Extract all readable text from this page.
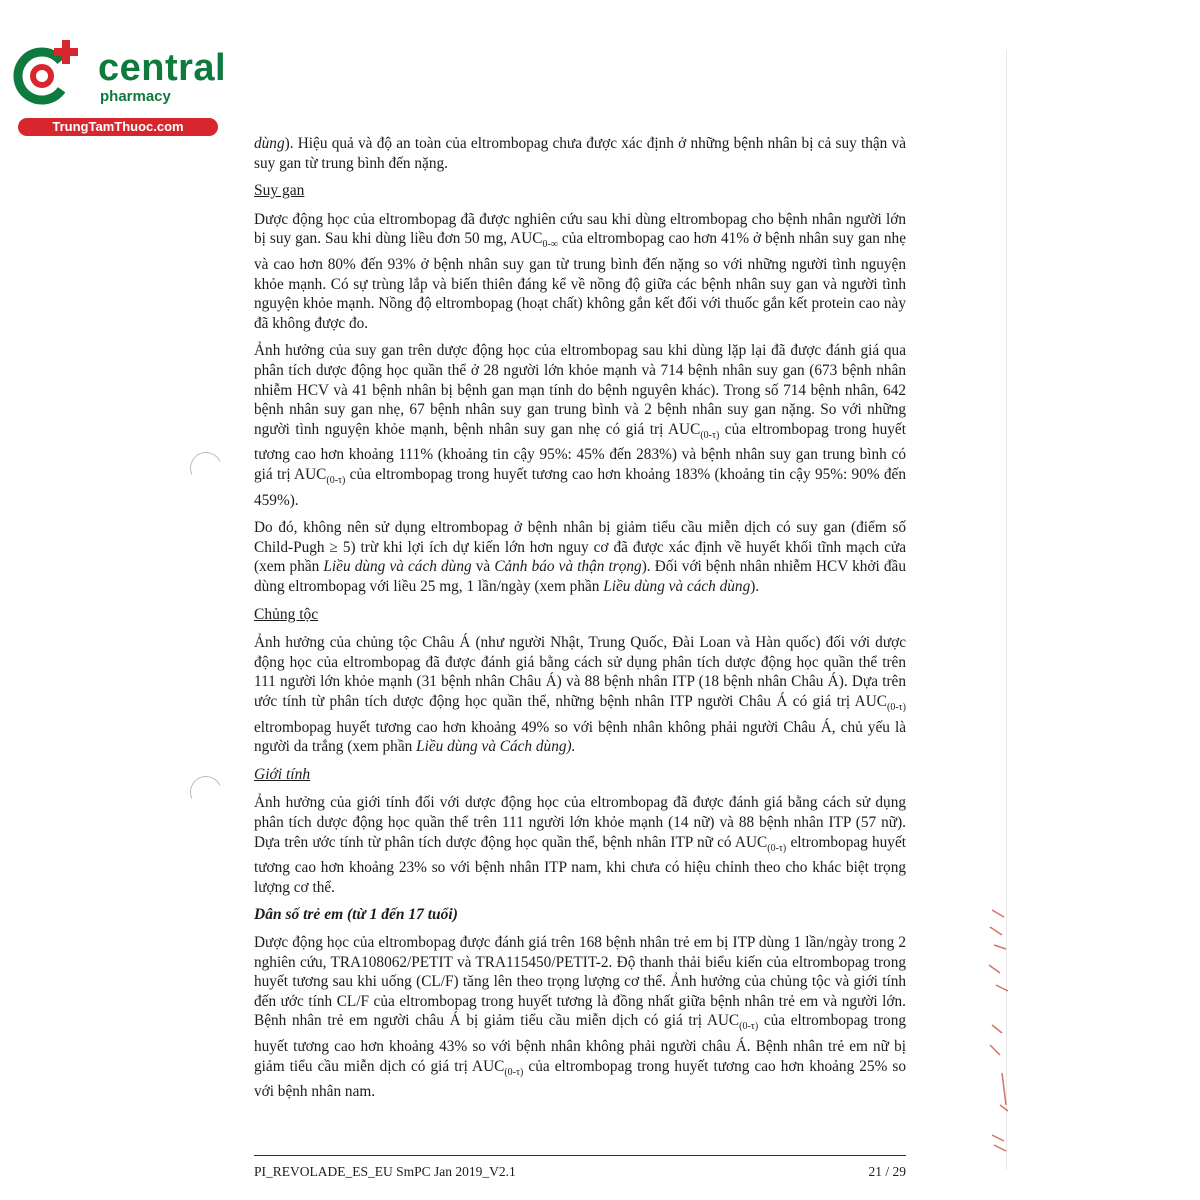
central
pharmacy
TrungTamThuoc.com

dùng). Hiệu quả và độ an toàn của eltrombopag chưa được xác định ở những bệnh nhân bị cả suy thận và suy gan từ trung bình đến nặng.

Suy gan

Dược động học của eltrombopag đã được nghiên cứu sau khi dùng eltrombopag cho bệnh nhân người lớn bị suy gan. Sau khi dùng liều đơn 50 mg, $AUC_{0-\infty}$ của eltrombopag cao hơn 41% ở bệnh nhân suy gan nhẹ và cao hơn 80% đến 93% ở bệnh nhân suy gan từ trung bình đến nặng so với những người tình nguyện khỏe mạnh. Có sự trùng lắp và biến thiên đáng kể về nồng độ giữa các bệnh nhân suy gan và người tình nguyện khỏe mạnh. Nồng độ eltrombopag (hoạt chất) không gắn kết đối với thuốc gắn kết protein cao này đã không được đo.

Ảnh hưởng của suy gan trên dược động học của eltrombopag sau khi dùng lặp lại đã được đánh giá qua phân tích dược động học quần thể ở 28 người lớn khỏe mạnh và 714 bệnh nhân suy gan (673 bệnh nhân nhiễm HCV và 41 bệnh nhân bị bệnh gan mạn tính do bệnh nguyên khác). Trong số 714 bệnh nhân, 642 bệnh nhân suy gan nhẹ, 67 bệnh nhân suy gan trung bình và 2 bệnh nhân suy gan nặng. So với những người tình nguyện khỏe mạnh, bệnh nhân suy gan nhẹ có giá trị $AUC_{(0-\tau)}$ của eltrombopag trong huyết tương cao hơn khoảng 111% (khoảng tin cậy 95%: 45% đến 283%) và bệnh nhân suy gan trung bình có giá trị $AUC_{(0-\tau)}$ của eltrombopag trong huyết tương cao hơn khoảng 183% (khoảng tin cậy 95%: 90% đến 459%).

Do đó, không nên sử dụng eltrombopag ở bệnh nhân bị giảm tiểu cầu miễn dịch có suy gan (điểm số Child-Pugh ≥ 5) trừ khi lợi ích dự kiến lớn hơn nguy cơ đã được xác định về huyết khối tĩnh mạch cửa (xem phần Liều dùng và cách dùng và Cảnh báo và thận trọng). Đối với bệnh nhân nhiễm HCV khởi đầu dùng eltrombopag với liều 25 mg, 1 lần/ngày (xem phần Liều dùng và cách dùng).

Chủng tộc

Ảnh hưởng của chủng tộc Châu Á (như người Nhật, Trung Quốc, Đài Loan và Hàn quốc) đối với dược động học của eltrombopag đã được đánh giá bằng cách sử dụng phân tích dược động học quần thể trên 111 người lớn khỏe mạnh (31 bệnh nhân Châu Á) và 88 bệnh nhân ITP (18 bệnh nhân Châu Á). Dựa trên ước tính từ phân tích dược động học quần thể, những bệnh nhân ITP người Châu Á có giá trị $AUC_{(0-\tau)}$ eltrombopag huyết tương cao hơn khoảng 49% so với bệnh nhân không phải người Châu Á, chủ yếu là người da trắng (xem phần Liều dùng và Cách dùng).

Giới tính

Ảnh hưởng của giới tính đối với dược động học của eltrombopag đã được đánh giá bằng cách sử dụng phân tích dược động học quần thể trên 111 người lớn khỏe mạnh (14 nữ) và 88 bệnh nhân ITP (57 nữ). Dựa trên ước tính từ phân tích dược động học quần thể, bệnh nhân ITP nữ có $AUC_{(0-\tau)}$ eltrombopag huyết tương cao hơn khoảng 23% so với bệnh nhân ITP nam, khi chưa có hiệu chỉnh theo cho khác biệt trọng lượng cơ thể.

Dân số trẻ em (từ 1 đến 17 tuổi)

Dược động học của eltrombopag được đánh giá trên 168 bệnh nhân trẻ em bị ITP dùng 1 lần/ngày trong 2 nghiên cứu, TRA108062/PETIT và TRA115450/PETIT-2. Độ thanh thải biểu kiến của eltrombopag trong huyết tương sau khi uống (CL/F) tăng lên theo trọng lượng cơ thể. Ảnh hưởng của chủng tộc và giới tính đến ước tính CL/F của eltrombopag trong huyết tương là đồng nhất giữa bệnh nhân trẻ em và người lớn. Bệnh nhân trẻ em người châu Á bị giảm tiểu cầu miễn dịch có giá trị $AUC_{(0-\tau)}$ của eltrombopag trong huyết tương cao hơn khoảng 43% so với bệnh nhân không phải người châu Á. Bệnh nhân trẻ em nữ bị giảm tiểu cầu miễn dịch có giá trị $AUC_{(0-\tau)}$ của eltrombopag trong huyết tương cao hơn khoảng 25% so với bệnh nhân nam.

PI_REVOLADE_ES_EU SmPC Jan 2019_V2.1	21 / 29
